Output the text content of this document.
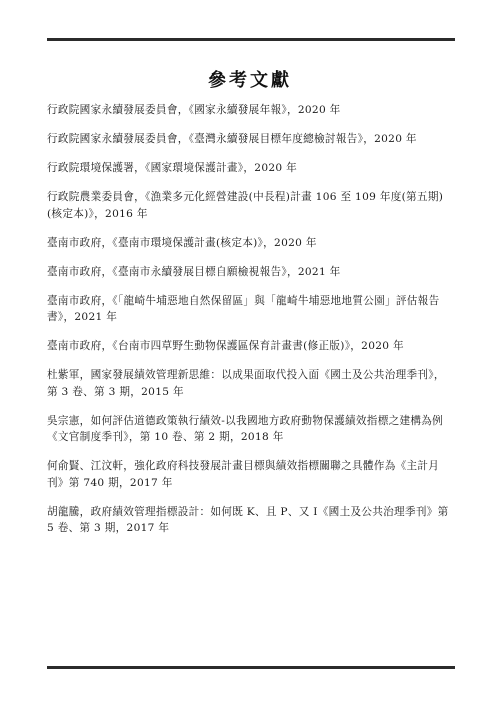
參考文獻
行政院國家永續發展委員會，《國家永續發展年報》，2020 年
行政院國家永續發展委員會，《臺灣永續發展目標年度總檢討報告》，2020 年
行政院環境保護署，《國家環境保護計畫》，2020 年
行政院農業委員會，《漁業多元化經營建設(中長程)計畫 106 至 109 年度(第五期)(核定本)》，2016 年
臺南市政府，《臺南市環境保護計畫(核定本)》，2020 年
臺南市政府，《臺南市永續發展目標自願檢視報告》，2021 年
臺南市政府，《「龍崎牛埔惡地自然保留區」與「龍崎牛埔惡地地質公園」評估報告書》，2021 年
臺南市政府，《台南市四草野生動物保護區保育計畫書(修正版)》，2020 年
杜紫軍，國家發展績效管理新思維：以成果面取代投入面《國土及公共治理季刊》，第 3 卷、第 3 期，2015 年
吳宗憲，如何評估道德政策執行績效-以我國地方政府動物保護績效指標之建構為例《文官制度季刊》，第 10 卷、第 2 期，2018 年
何俞賢、江汶軒，強化政府科技發展計畫目標與績效指標關聯之具體作為《主計月刊》第 740 期，2017 年
胡龍騰，政府績效管理指標設計：如何既 K、且 P、又 I《國土及公共治理季刊》第 5 卷、第 3 期，2017 年
